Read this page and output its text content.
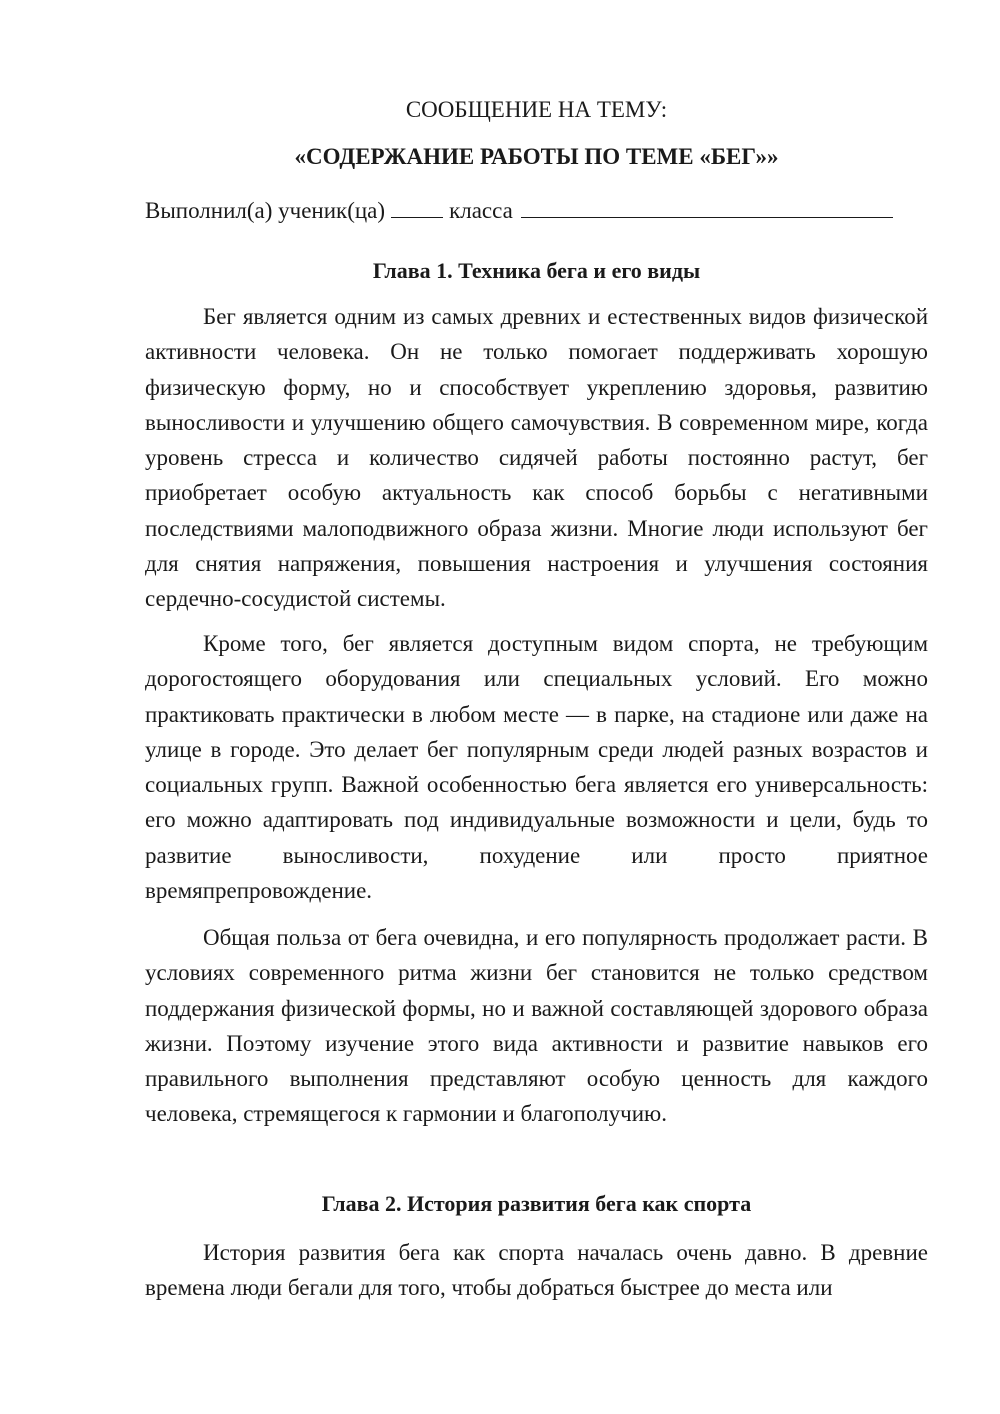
СООБЩЕНИЕ НА ТЕМУ:

«СОДЕРЖАНИЕ РАБОТЫ ПО ТЕМЕ «БЕГ»»

Выполнил(а) ученик(ца)	класса
Глава 1. Техника бега и его виды

Бег является одним из самых древних и естественных видов физической активности человека. Он не только помогает поддерживать хорошую физическую форму, но и способствует укреплению здоровья, развитию выносливости и улучшению общего самочувствия. В современном мире, когда уровень стресса и количество сидячей работы постоянно растут, бег приобретает особую актуальность как способ борьбы с негативными последствиями малоподвижного образа жизни. Многие люди используют бег для снятия напряжения, повышения настроения и улучшения состояния сердечно-сосудистой системы.

Кроме того, бег является доступным видом спорта, не требующим дорогостоящего оборудования или специальных условий. Его можно практиковать практически в любом месте — в парке, на стадионе или даже на улице в городе. Это делает бег популярным среди людей разных возрастов и социальных групп. Важной особенностью бега является его универсальность: его можно адаптировать под индивидуальные возможности и цели, будь то развитие выносливости, похудение или просто приятное времяпрепровождение.

Общая польза от бега очевидна, и его популярность продолжает расти. В условиях современного ритма жизни бег становится не только средством поддержания физической формы, но и важной составляющей здорового образа жизни. Поэтому изучение этого вида активности и развитие навыков его правильного выполнения представляют особую ценность для каждого человека, стремящегося к гармонии и благополучию.

Глава 2. История развития бега как спорта

История развития бега как спорта началась очень давно. В древние времена люди бегали для того, чтобы добраться быстрее до места или
